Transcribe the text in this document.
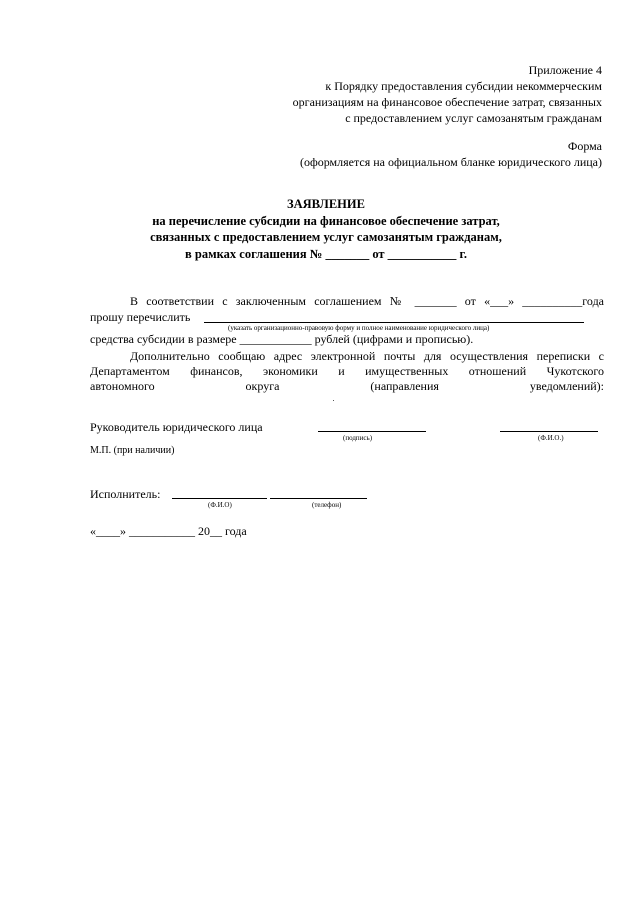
Приложение 4
к Порядку предоставления субсидии некоммерческим
организациям на финансовое обеспечение затрат, связанных
с предоставлением услуг самозанятым гражданам
Форма
(оформляется на официальном бланке юридического лица)
ЗАЯВЛЕНИЕ
на перечисление субсидии на финансовое обеспечение затрат,
связанных с предоставлением услуг самозанятым гражданам,
в рамках соглашения № _______ от ___________ г.
В соответствии с заключенным соглашением № _______ от «___» __________года
прошу перечислить
(указать организационно-правовую форму и полное наименование юридического лица)
средства субсидии в размере ____________ рублей (цифрами и прописью).
Дополнительно сообщаю адрес электронной почты для осуществления переписки с
Департаментом финансов, экономики и имущественных отношений Чукотского
автономного округа (направления уведомлений):
Руководитель юридического лица
(подпись)	(Ф.И.О.)
М.П. (при наличии)
Исполнитель:
(Ф.И.О)	(телефон)
«____» ___________ 20__ года
